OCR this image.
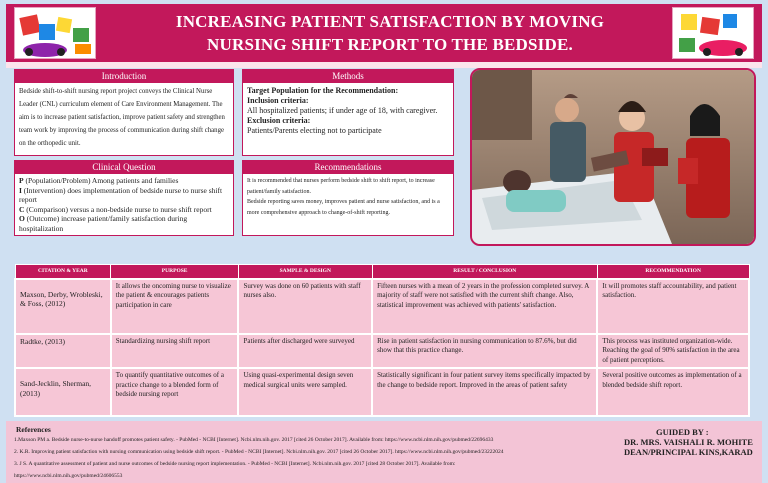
INCREASING PATIENT SATISFACTION BY MOVING
NURSING SHIFT REPORT TO THE BEDSIDE.
Introduction
Bedside shift-to-shift nursing report project conveys the Clinical Nurse Leader (CNL) curriculum element of Care Environment Management. The aim is to increase patient satisfaction, improve patient safety and strengthen team work by improving the process of communication during shift change on the orthopedic unit.
Methods
Target Population for the Recommendation:
Inclusion criteria:
All hospitalized patients; if under age of 18, with caregiver.
Exclusion criteria:
Patients/Parents electing not to participate
Clinical Question
P (Population/Problem) Among patients and families
I (Intervention) does implementation of bedside nurse to nurse shift report
C (Comparison) versus a non-bedside nurse to nurse shift report
O (Outcome) increase patient/family satisfaction during hospitalization
Recommendations
It is recommended that nurses perform bedside shift to shift report, to increase patient/family satisfaction.
Bedside reporting saves money, improves patient and nurse satisfaction, and is a more comprehensive approach to change-of-shift reporting.
CITATION & YEAR	PURPOSE	SAMPLE & DESIGN	RESULT / CONCLUSION	RECOMMENDATION
Maxson, Derby, Wrobleski, & Foss, (2012)	It allows the oncoming nurse to visualize the patient & encourages patients participation in care	Survey was done on 60 patients with staff nurses also.	Fifteen nurses with a mean of 2 years in the profession completed survey. A majority of staff were not satisfied with the current shift change. Also, statistical improvement was achieved with patients' satisfaction.	It will promotes staff accountability, and patient satisfaction.
Radtke, (2013)	Standardizing nursing shift report	Patients after discharged were surveyed	Rise in patient satisfaction in nursing communication to 87.6%, but did show that this practice change.	This process was instituted organization-wide. Reaching the goal of 90% satisfaction in the area of patient perceptions.
Sand-Jecklin, Sherman, (2013)	To quantify quantitative outcomes of a practice change to a blended form of bedside nursing report	Using quasi-experimental design seven medical surgical units were sampled.	Statistically significant in four patient survey items specifically impacted by the change to bedside report. Improved in the areas of patient safety	Several positive outcomes as implementation of a blended bedside shift report.
References
1.Maxson PM a. Bedside nurse-to-nurse handoff promotes patient safety. - PubMed - NCBI [Internet]. Ncbi.nlm.nih.gov. 2017 [cited 26 October 2017]. Available from: https://www.ncbi.nlm.nih.gov/pubmed/22696433
2. K.R. Improving patient satisfaction with nursing communication using bedside shift report. - PubMed - NCBI [Internet]. Ncbi.nlm.nih.gov. 2017 [cited 26 October 2017]. https://www.ncbi.nlm.nih.gov/pubmed/23222024
3. J S. A quantitative assessment of patient and nurse outcomes of bedside nursing report implementation. - PubMed - NCBI [Internet]. Ncbi.nlm.nih.gov. 2017 [cited 28 October 2017]. Available from:
https://www.ncbi.nlm.nih.gov/pubmed/24606553
GUIDED BY :
DR. MRS. VAISHALI R. MOHITE
DEAN/PRINCIPAL KINS,KARAD
